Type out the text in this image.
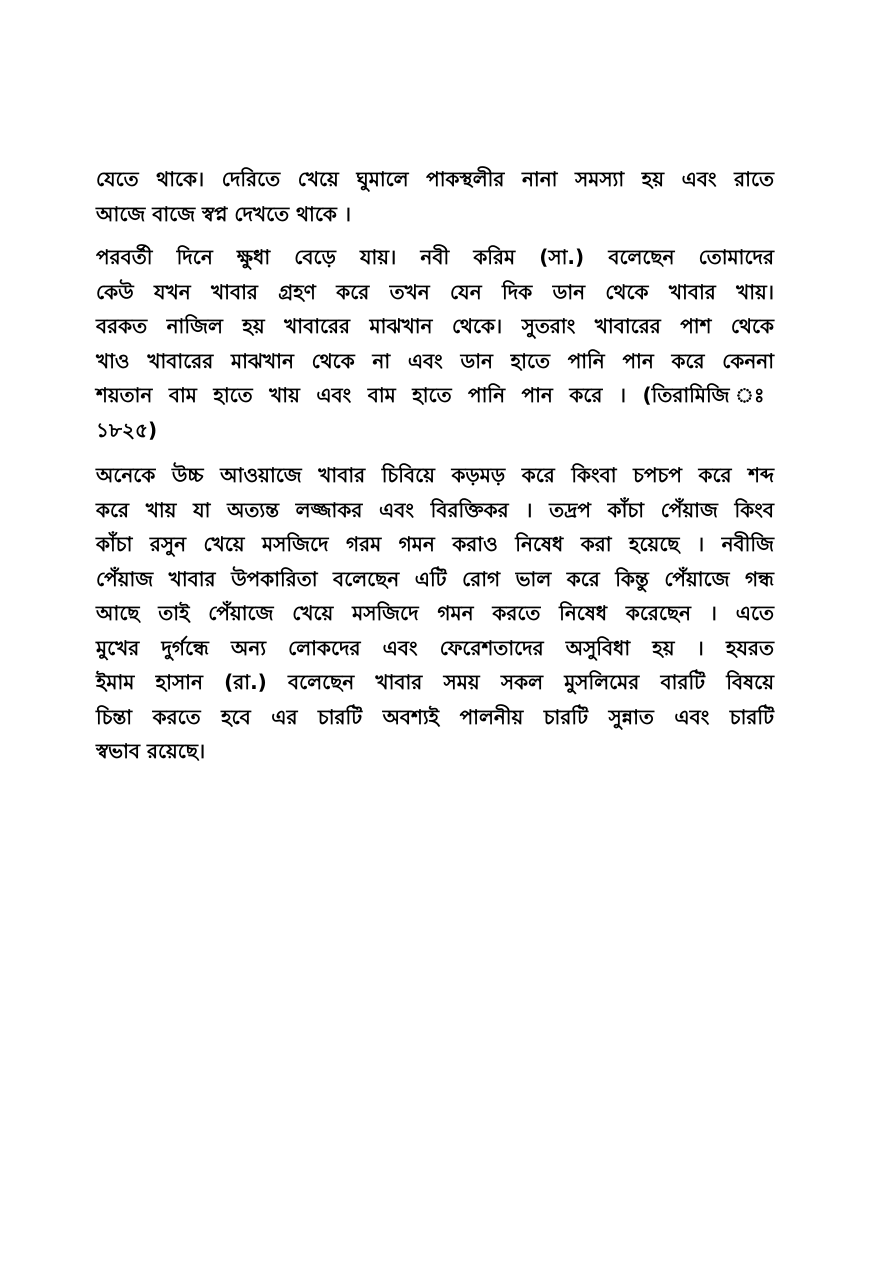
যেতে থাকে। দেরিতে খেয়ে ঘুমালে পাকস্থলীর নানা সমস্যা হয় এবং রাতে
আজে বাজে স্বপ্ন দেখতে থাকে ।

পরবর্তী দিনে ক্ষুধা বেড়ে যায়। নবী করিম (সা.) বলেছেন তোমাদের
কেউ যখন খাবার গ্রহণ করে তখন যেন দিক ডান থেকে খাবার খায়।
বরকত নাজিল হয় খাবারের মাঝখান থেকে। সুতরাং খাবারের পাশ থেকে
খাও খাবারের মাঝখান থেকে না এবং ডান হাতে পানি পান করে কেননা
শয়তান বাম হাতে খায় এবং বাম হাতে পানি পান করে । (তিরামিজি ঃ
১৮২৫)

অনেকে উচ্চ আওয়াজে খাবার চিবিয়ে কড়মড় করে কিংবা চপচপ করে শব্দ
করে খায় যা অত্যন্ত লজ্জাকর এবং বিরক্তিকর । তদ্রপ কাঁচা পেঁয়াজ কিংব
কাঁচা রসুন খেয়ে মসজিদে গরম গমন করাও নিষেধ করা হয়েছে । নবীজি
পেঁয়াজ খাবার উপকারিতা বলেছেন এটি রোগ ভাল করে কিন্তু পেঁয়াজে গন্ধ
আছে তাই পেঁয়াজে খেয়ে মসজিদে গমন করতে নিষেধ করেছেন । এতে
মুখের দুর্গন্ধে অন্য লোকদের এবং ফেরেশতাদের অসুবিধা হয় । হযরত
ইমাম হাসান (রা.) বলেছেন খাবার সময় সকল মুসলিমের বারটি বিষয়ে
চিন্তা করতে হবে এর চারটি অবশ্যই পালনীয় চারটি সুন্নাত এবং চারটি
স্বভাব রয়েছে।
